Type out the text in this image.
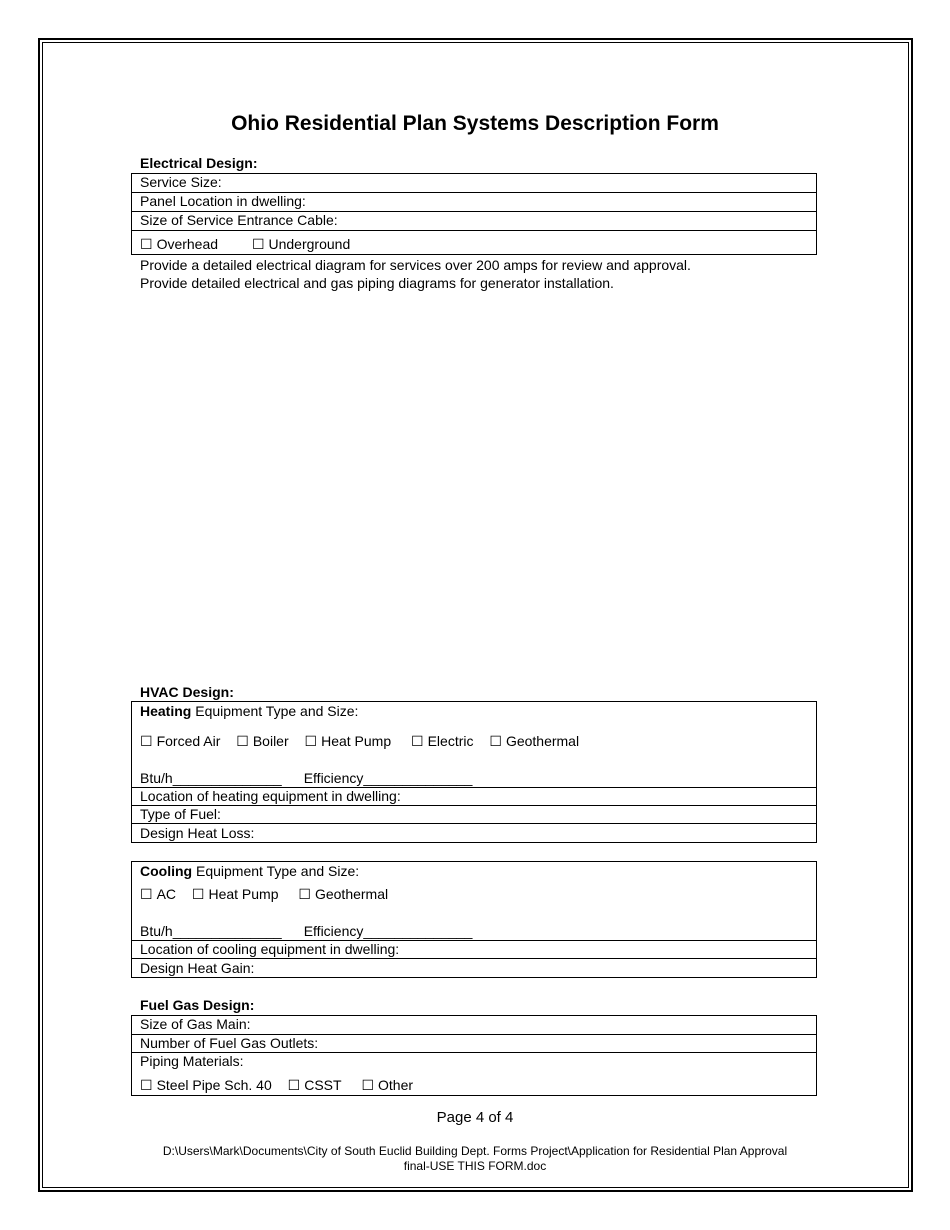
Ohio Residential Plan Systems Description Form
Electrical Design:
Service Size:
Panel Location in dwelling:
Size of Service Entrance Cable:
☐ Overhead ☐ Underground
Provide a detailed electrical diagram for services over 200 amps for review and approval.
Provide detailed electrical and gas piping diagrams for generator installation.
HVAC Design:
Heating Equipment Type and Size:
☐ Forced Air ☐ Boiler ☐ Heat Pump ☐ Electric ☐ Geothermal
Btu/h______________ Efficiency______________
Location of heating equipment in dwelling:
Type of Fuel:
Design Heat Loss:
Cooling Equipment Type and Size:
☐ AC ☐ Heat Pump ☐ Geothermal
Btu/h______________ Efficiency______________
Location of cooling equipment in dwelling:
Design Heat Gain:
Fuel Gas Design:
Size of Gas Main:
Number of Fuel Gas Outlets:
Piping Materials:
☐ Steel Pipe Sch. 40 ☐ CSST ☐ Other
Page 4 of 4
D:\Users\Mark\Documents\City of South Euclid Building Dept. Forms Project\Application for Residential Plan Approval
final-USE THIS FORM.doc
